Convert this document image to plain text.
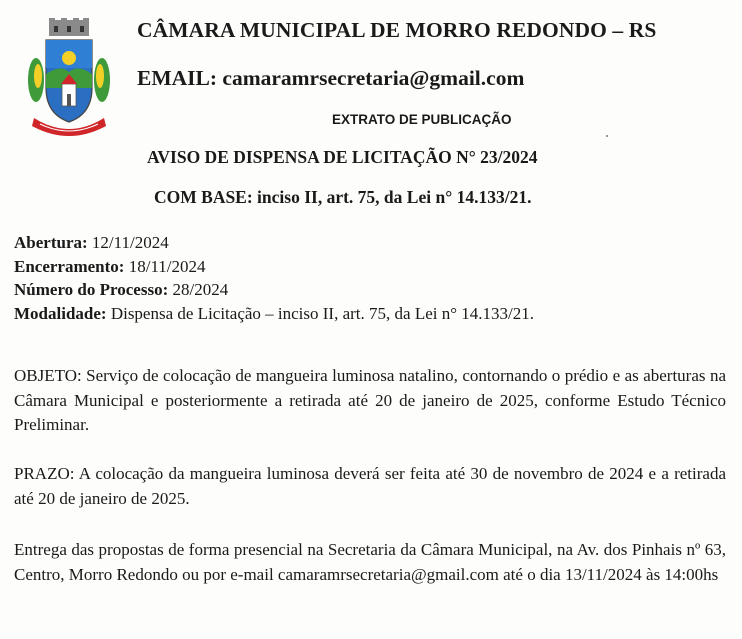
CÂMARA MUNICIPAL DE MORRO REDONDO – RS
EMAIL: camaramrsecretaria@gmail.com
EXTRATO DE PUBLICAÇÃO
AVISO DE DISPENSA DE LICITAÇÃO N° 23/2024
COM BASE: inciso II, art. 75, da Lei n° 14.133/21.
Abertura: 12/11/2024
Encerramento: 18/11/2024
Número do Processo: 28/2024
Modalidade: Dispensa de Licitação – inciso II, art. 75, da Lei n° 14.133/21.
OBJETO: Serviço de colocação de mangueira luminosa natalino, contornando o prédio e as aberturas na Câmara Municipal e posteriormente a retirada até 20 de janeiro de 2025, conforme Estudo Técnico Preliminar.
PRAZO: A colocação da mangueira luminosa deverá ser feita até 30 de novembro de 2024 e a retirada até 20 de janeiro de 2025.
Entrega das propostas de forma presencial na Secretaria da Câmara Municipal, na Av. dos Pinhais nº 63, Centro, Morro Redondo ou por e-mail camaramrsecretaria@gmail.com até o dia 13/11/2024 às 14:00hs
